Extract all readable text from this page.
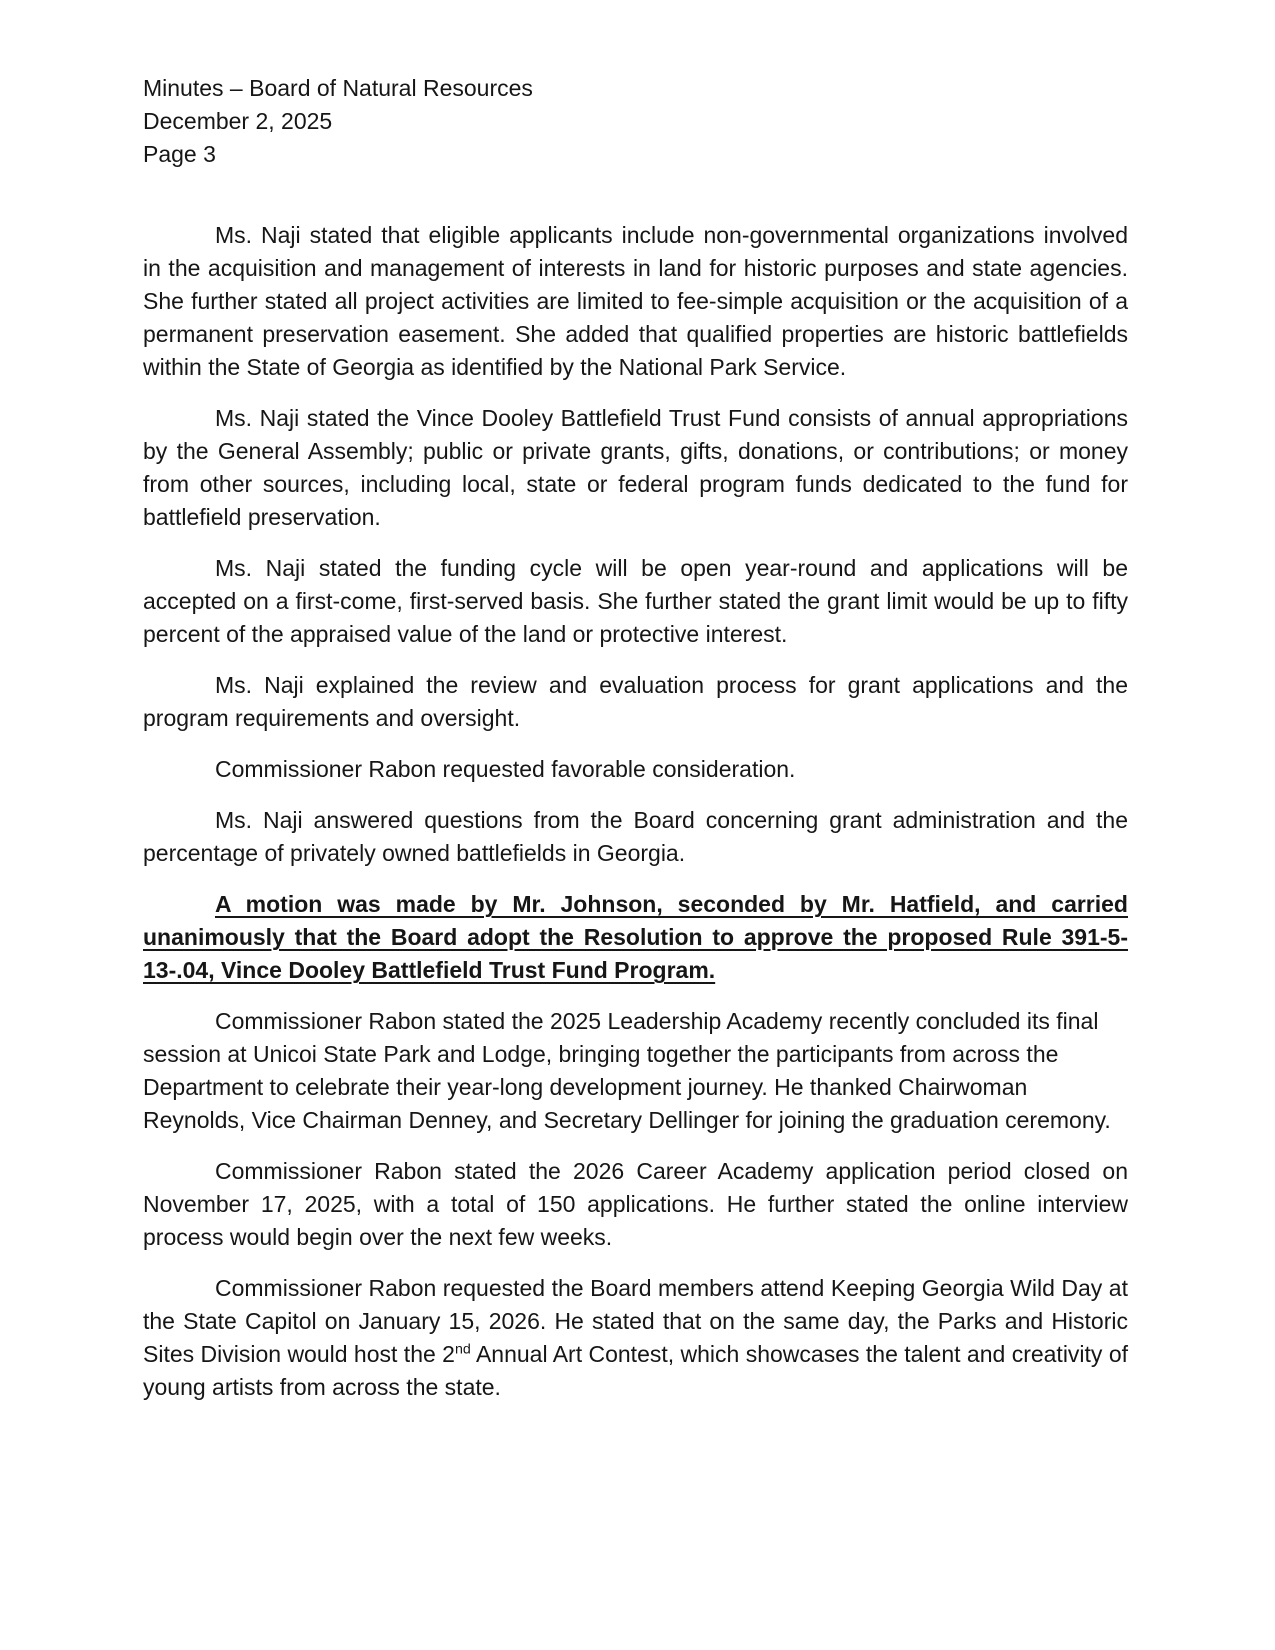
Minutes – Board of Natural Resources

December 2, 2025

Page 3

Ms. Naji stated that eligible applicants include non-governmental organizations involved in the acquisition and management of interests in land for historic purposes and state agencies. She further stated all project activities are limited to fee-simple acquisition or the acquisition of a permanent preservation easement. She added that qualified properties are historic battlefields within the State of Georgia as identified by the National Park Service.

Ms. Naji stated the Vince Dooley Battlefield Trust Fund consists of annual appropriations by the General Assembly; public or private grants, gifts, donations, or contributions; or money from other sources, including local, state or federal program funds dedicated to the fund for battlefield preservation.

Ms. Naji stated the funding cycle will be open year-round and applications will be accepted on a first-come, first-served basis. She further stated the grant limit would be up to fifty percent of the appraised value of the land or protective interest.

Ms. Naji explained the review and evaluation process for grant applications and the program requirements and oversight.

Commissioner Rabon requested favorable consideration.

Ms. Naji answered questions from the Board concerning grant administration and the percentage of privately owned battlefields in Georgia.

A motion was made by Mr. Johnson, seconded by Mr. Hatfield, and carried unanimously that the Board adopt the Resolution to approve the proposed Rule 391-5-13-.04, Vince Dooley Battlefield Trust Fund Program.

Commissioner Rabon stated the 2025 Leadership Academy recently concluded its final session at Unicoi State Park and Lodge, bringing together the participants from across the Department to celebrate their year-long development journey. He thanked Chairwoman Reynolds, Vice Chairman Denney, and Secretary Dellinger for joining the graduation ceremony.

Commissioner Rabon stated the 2026 Career Academy application period closed on November 17, 2025, with a total of 150 applications. He further stated the online interview process would begin over the next few weeks.

Commissioner Rabon requested the Board members attend Keeping Georgia Wild Day at the State Capitol on January 15, 2026. He stated that on the same day, the Parks and Historic Sites Division would host the 2nd Annual Art Contest, which showcases the talent and creativity of young artists from across the state.
